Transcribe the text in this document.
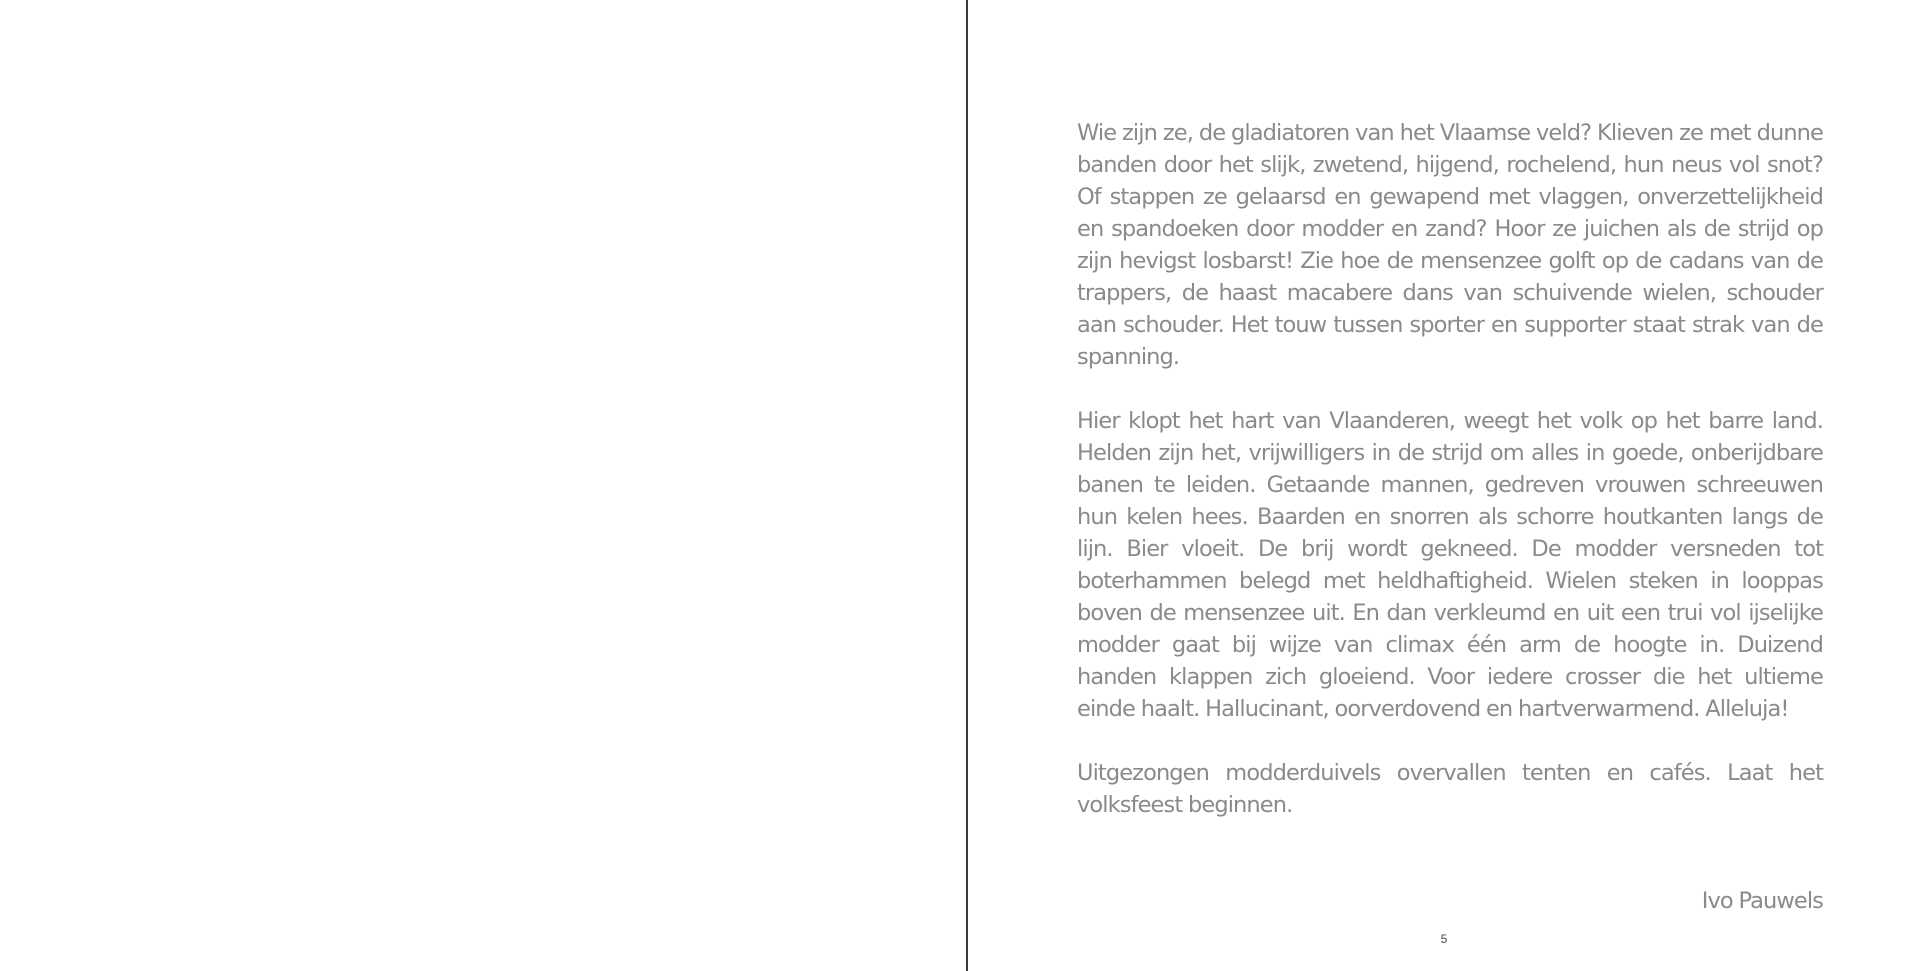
Wie zijn ze, de gladiatoren van het Vlaamse veld? Klieven ze met dunne banden door het slijk, zwetend, hijgend, rochelend, hun neus vol snot? Of stappen ze gelaarsd en gewapend met vlaggen, onverzettelijkheid en spandoeken door modder en zand? Hoor ze juichen als de strijd op zijn hevigst losbarst! Zie hoe de mensenzee golft op de cadans van de trappers, de haast macabere dans van schuivende wielen, schouder aan schouder. Het touw tussen sporter en supporter staat strak van de spanning.

Hier klopt het hart van Vlaanderen, weegt het volk op het barre land. Helden zijn het, vrijwilligers in de strijd om alles in goede, onberijdbare banen te leiden. Getaande mannen, gedreven vrouwen schreeuwen hun kelen hees. Baarden en snorren als schorre houtkanten langs de lijn. Bier vloeit. De brij wordt gekneed. De modder versneden tot boterhammen belegd met heldhaftigheid. Wielen steken in looppas boven de mensenzee uit. En dan verkleumd en uit een trui vol ijselijke modder gaat bij wijze van climax één arm de hoogte in. Duizend handen klappen zich gloeiend. Voor iedere crosser die het ultieme einde haalt. Hallucinant, oorverdovend en hartverwarmend. Alleluja!

Uitgezongen modderduivels overvallen tenten en cafés. Laat het volksfeest beginnen.

Ivo Pauwels

5
